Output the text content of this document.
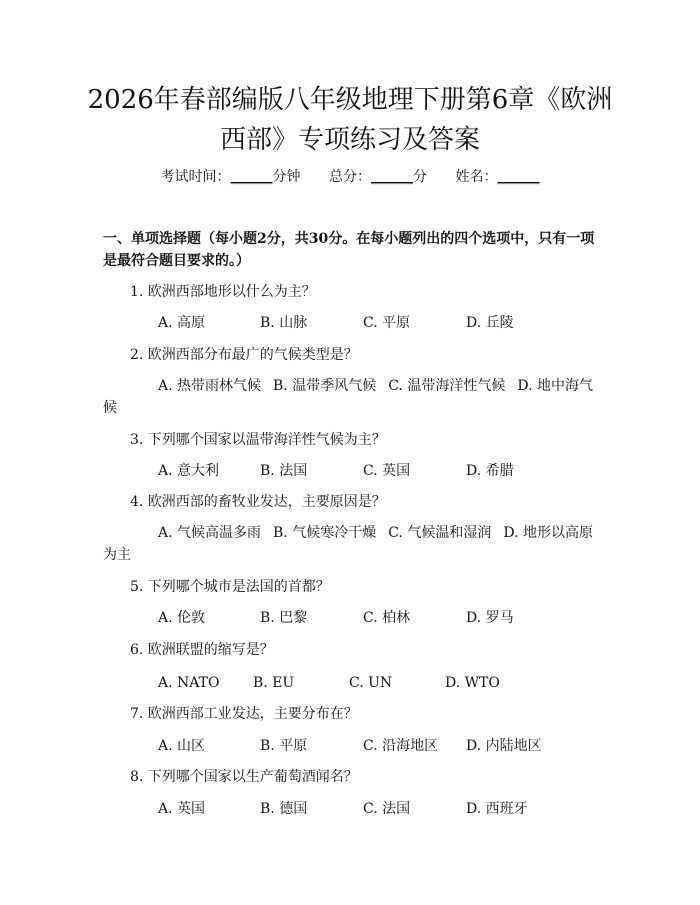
2026年春部编版八年级地理下册第6章《欧洲西部》专项练习及答案
考试时间：______分钟 总分：______分 姓名：______
一、单项选择题（每小题2分，共30分。在每小题列出的四个选项中，只有一项是最符合题目要求的。）
1. 欧洲西部地形以什么为主？
A. 高原	B. 山脉	C. 平原	D. 丘陵
2. 欧洲西部分布最广的气候类型是？
A. 热带雨林气候 B. 温带季风气候 C. 温带海洋性气候 D. 地中海气候
3. 下列哪个国家以温带海洋性气候为主？
A. 意大利	B. 法国	C. 英国	D. 希腊
4. 欧洲西部的畜牧业发达，主要原因是？
A. 气候高温多雨 B. 气候寒冷干燥 C. 气候温和湿润 D. 地形以高原为主
5. 下列哪个城市是法国的首都？
A. 伦敦	B. 巴黎	C. 柏林	D. 罗马
6. 欧洲联盟的缩写是？
A. NATO B. EU	C. UN	D. WTO
7. 欧洲西部工业发达，主要分布在？
A. 山区	B. 平原	C. 沿海地区 D. 内陆地区
8. 下列哪个国家以生产葡萄酒闻名？
A. 英国	B. 德国	C. 法国	D. 西班牙
